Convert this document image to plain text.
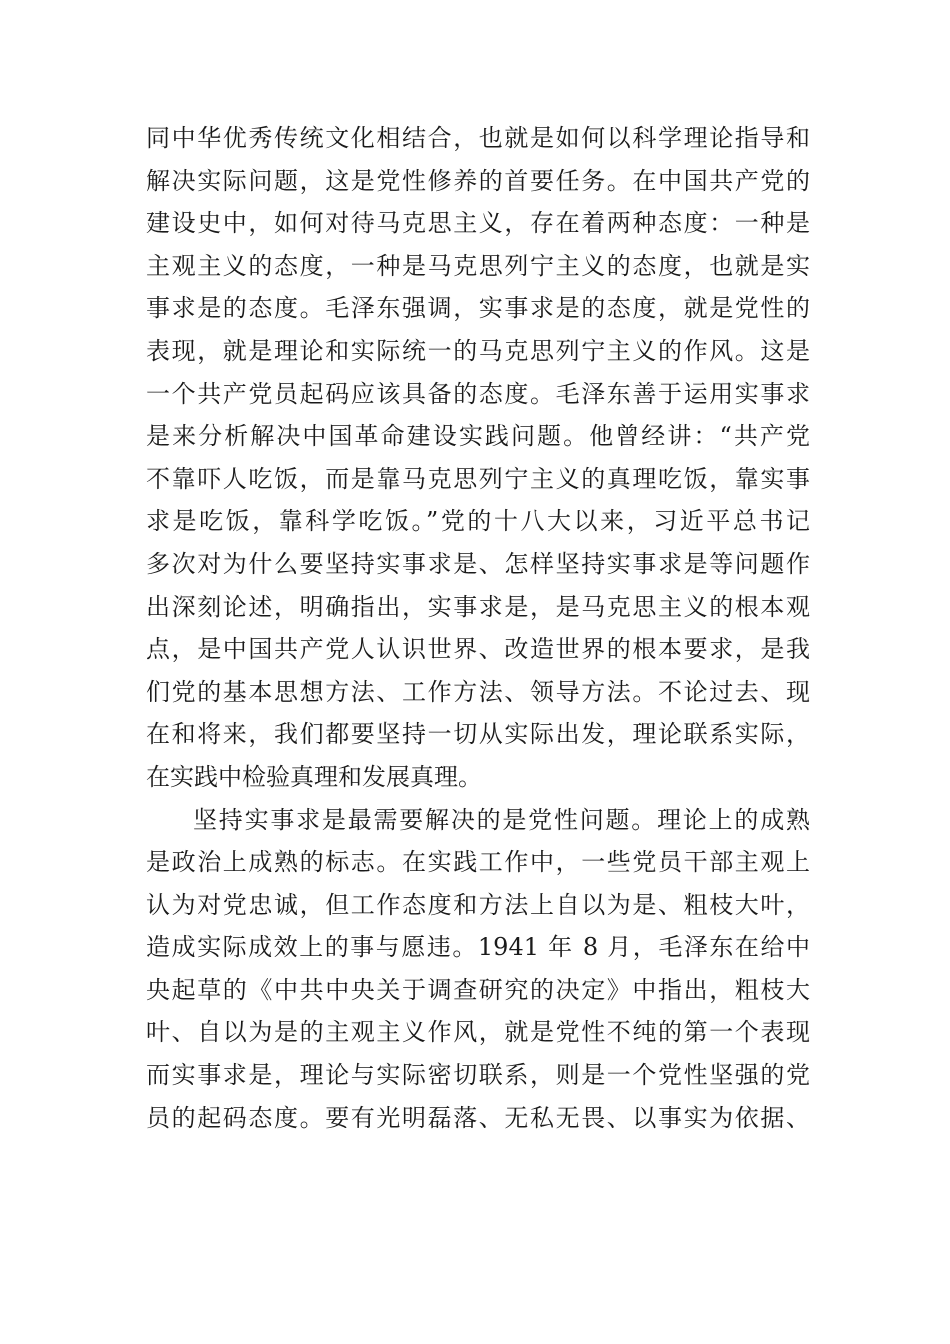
同中华优秀传统文化相结合，也就是如何以科学理论指导和
解决实际问题，这是党性修养的首要任务。在中国共产党的
建设史中，如何对待马克思主义，存在着两种态度：一种是
主观主义的态度，一种是马克思列宁主义的态度，也就是实
事求是的态度。毛泽东强调，实事求是的态度，就是党性的
表现，就是理论和实际统一的马克思列宁主义的作风。这是
一个共产党员起码应该具备的态度。毛泽东善于运用实事求
是来分析解决中国革命建设实践问题。他曾经讲：“共产党
不靠吓人吃饭，而是靠马克思列宁主义的真理吃饭，靠实事
求是吃饭，靠科学吃饭。”党的十八大以来，习近平总书记
多次对为什么要坚持实事求是、怎样坚持实事求是等问题作
出深刻论述，明确指出，实事求是，是马克思主义的根本观
点，是中国共产党人认识世界、改造世界的根本要求，是我
们党的基本思想方法、工作方法、领导方法。不论过去、现
在和将来，我们都要坚持一切从实际出发，理论联系实际，
在实践中检验真理和发展真理。
坚持实事求是最需要解决的是党性问题。理论上的成熟
是政治上成熟的标志。在实践工作中，一些党员干部主观上
认为对党忠诚，但工作态度和方法上自以为是、粗枝大叶，
造成实际成效上的事与愿违。1941 年 8 月，毛泽东在给中
央起草的《中共中央关于调查研究的决定》中指出，粗枝大
叶、自以为是的主观主义作风，就是党性不纯的第一个表现
而实事求是，理论与实际密切联系，则是一个党性坚强的党
员的起码态度。要有光明磊落、无私无畏、以事实为依据、
